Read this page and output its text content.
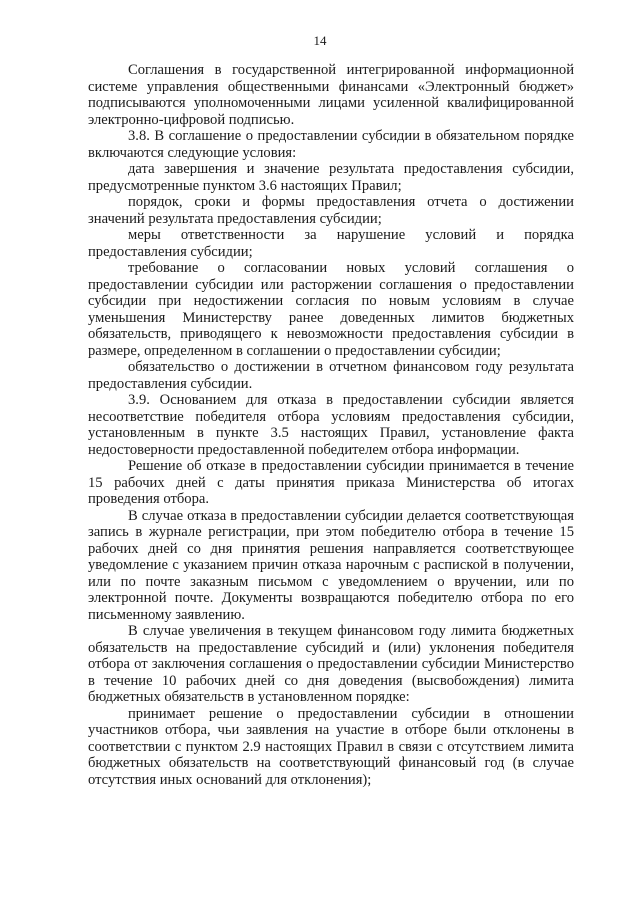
14

Соглашения в государственной интегрированной информационной системе управления общественными финансами «Электронный бюджет» подписываются уполномоченными лицами усиленной квалифицированной электронно-цифровой подписью.

3.8. В соглашение о предоставлении субсидии в обязательном порядке включаются следующие условия:

дата завершения и значение результата предоставления субсидии, предусмотренные пунктом 3.6 настоящих Правил;

порядок, сроки и формы предоставления отчета о достижении значений результата предоставления субсидии;

меры ответственности за нарушение условий и порядка предоставления субсидии;

требование о согласовании новых условий соглашения о предоставлении субсидии или расторжении соглашения о предоставлении субсидии при недостижении согласия по новым условиям в случае уменьшения Министерству ранее доведенных лимитов бюджетных обязательств, приводящего к невозможности предоставления субсидии в размере, определенном в соглашении о предоставлении субсидии;

обязательство о достижении в отчетном финансовом году результата предоставления субсидии.

3.9. Основанием для отказа в предоставлении субсидии является несоответствие победителя отбора условиям предоставления субсидии, установленным в пункте 3.5 настоящих Правил, установление факта недостоверности предоставленной победителем отбора информации.

Решение об отказе в предоставлении субсидии принимается в течение 15 рабочих дней с даты принятия приказа Министерства об итогах проведения отбора.

В случае отказа в предоставлении субсидии делается соответствующая запись в журнале регистрации, при этом победителю отбора в течение 15 рабочих дней со дня принятия решения направляется соответствующее уведомление с указанием причин отказа нарочным с распиской в получении, или по почте заказным письмом с уведомлением о вручении, или по электронной почте. Документы возвращаются победителю отбора по его письменному заявлению.

В случае увеличения в текущем финансовом году лимита бюджетных обязательств на предоставление субсидий и (или) уклонения победителя отбора от заключения соглашения о предоставлении субсидии Министерство в течение 10 рабочих дней со дня доведения (высвобождения) лимита бюджетных обязательств в установленном порядке:

принимает решение о предоставлении субсидии в отношении участников отбора, чьи заявления на участие в отборе были отклонены в соответствии с пунктом 2.9 настоящих Правил в связи с отсутствием лимита бюджетных обязательств на соответствующий финансовый год (в случае отсутствия иных оснований для отклонения);
